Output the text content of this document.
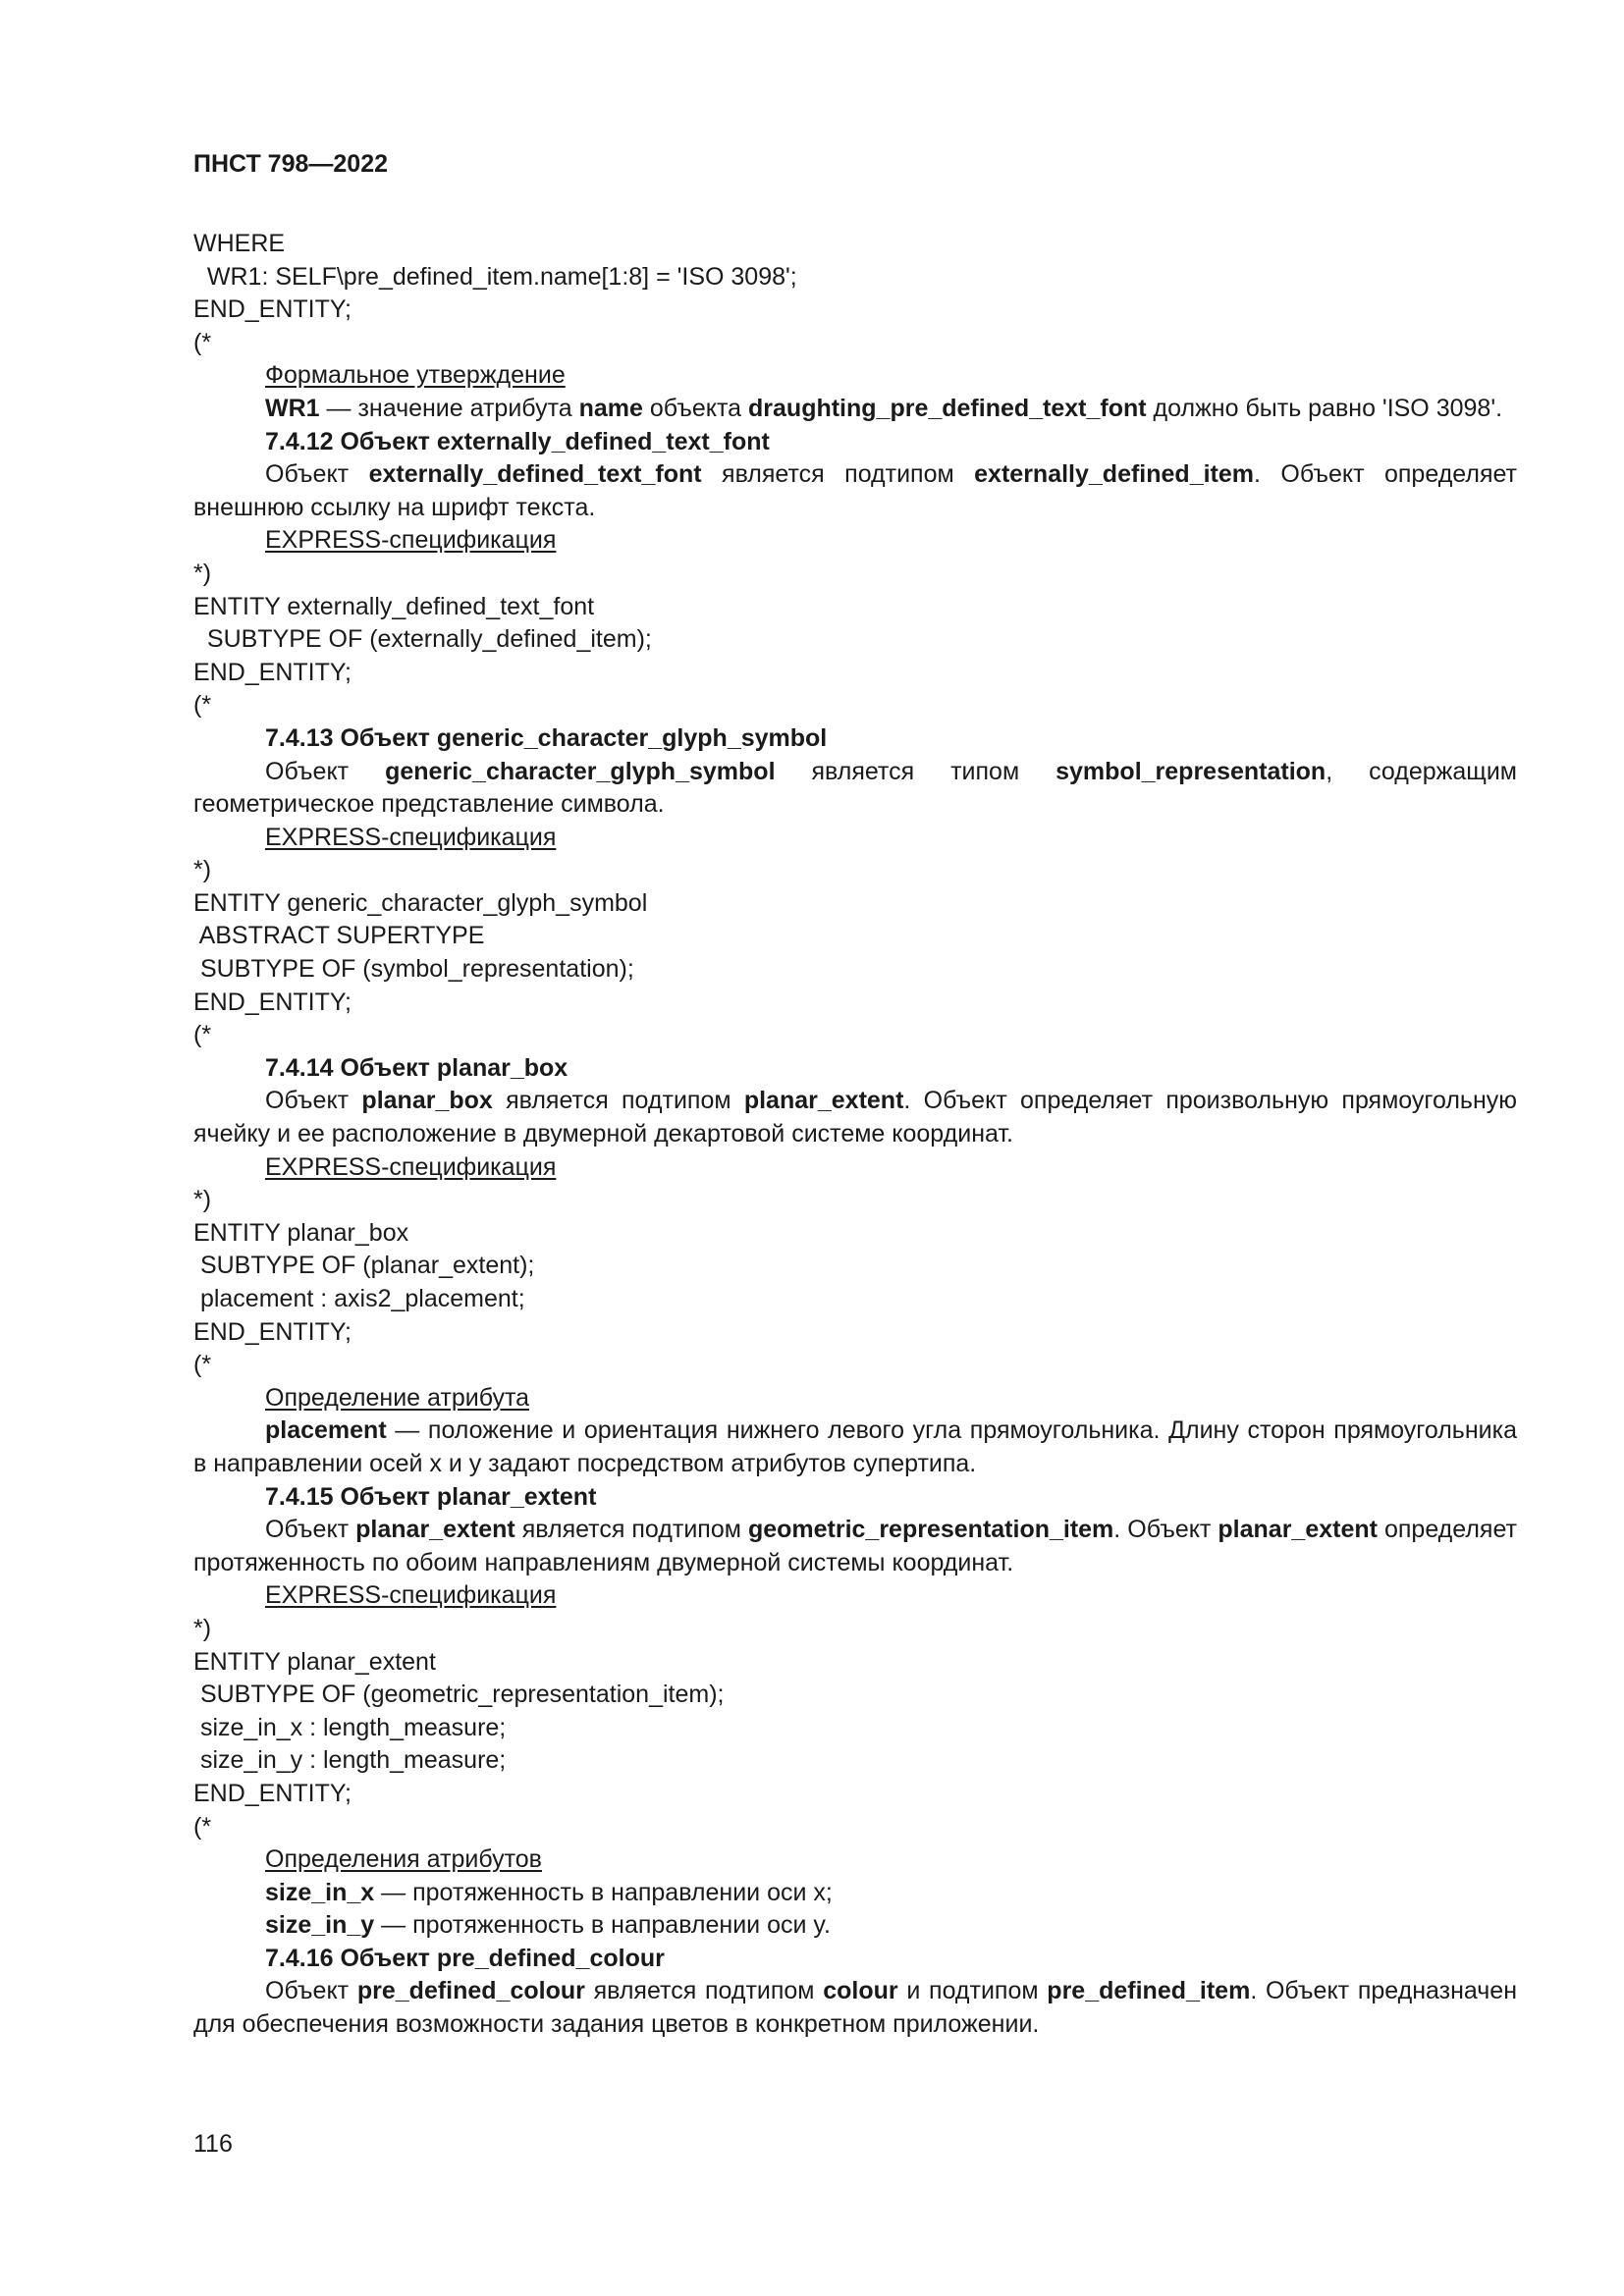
ПНСТ 798—2022

WHERE

WR1: SELF\pre_defined_item.name[1:8] = 'ISO 3098';

END_ENTITY;

(*

Формальное утверждение

WR1 — значение атрибута name объекта draughting_pre_defined_text_font должно быть равно 'ISO 3098'.

7.4.12 Объект externally_defined_text_font

Объект externally_defined_text_font является подтипом externally_defined_item. Объект определяет внешнюю ссылку на шрифт текста.

EXPRESS-спецификация

*)

ENTITY externally_defined_text_font

SUBTYPE OF (externally_defined_item);

END_ENTITY;

(*

7.4.13 Объект generic_character_glyph_symbol

Объект generic_character_glyph_symbol является типом symbol_representation, содержащим геометрическое представление символа.

EXPRESS-спецификация

*)

ENTITY generic_character_glyph_symbol

ABSTRACT SUPERTYPE

SUBTYPE OF (symbol_representation);

END_ENTITY;

(*

7.4.14 Объект planar_box

Объект planar_box является подтипом planar_extent. Объект определяет произвольную прямоугольную ячейку и ее расположение в двумерной декартовой системе координат.

EXPRESS-спецификация

*)

ENTITY planar_box

SUBTYPE OF (planar_extent);

placement : axis2_placement;

END_ENTITY;

(*

Определение атрибута

placement — положение и ориентация нижнего левого угла прямоугольника. Длину сторон прямоугольника в направлении осей x и y задают посредством атрибутов супертипа.

7.4.15 Объект planar_extent

Объект planar_extent является подтипом geometric_representation_item. Объект planar_extent определяет протяженность по обоим направлениям двумерной системы координат.

EXPRESS-спецификация

*)

ENTITY planar_extent

SUBTYPE OF (geometric_representation_item);

size_in_x : length_measure;

size_in_y : length_measure;

END_ENTITY;

(*

Определения атрибутов

size_in_x — протяженность в направлении оси x;

size_in_y — протяженность в направлении оси y.

7.4.16 Объект pre_defined_colour

Объект pre_defined_colour является подтипом colour и подтипом pre_defined_item. Объект предназначен для обеспечения возможности задания цветов в конкретном приложении.

116
